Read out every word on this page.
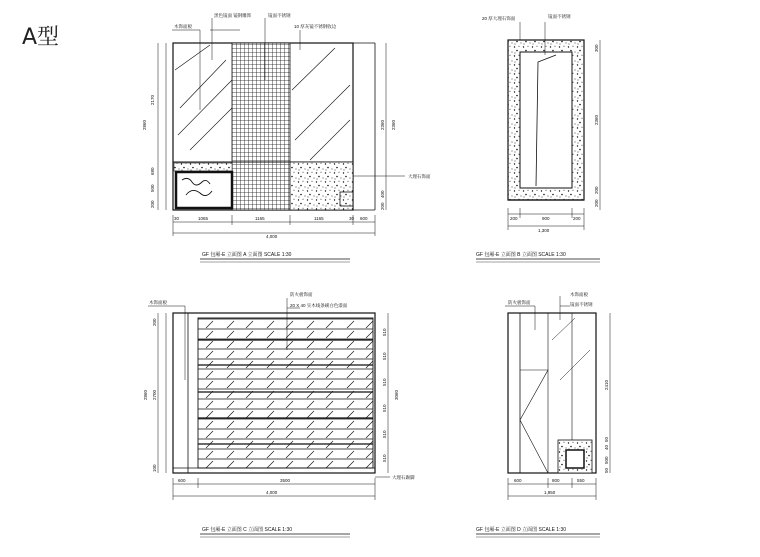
A型	木饰面板
黑色镜面 镜钢雕饰	镜面不锈钢
10 厚灰镜不锈钢收边
大理石饰面
30	1065	1165	1165	30 600
4,000
2170
680
500
200
2860	2360
400
200
2360
GF 包厢-E 立面图 A 立面图 SCALE 1:30
20 厚大理石饰面	镜面不锈钢
200	900	200
1,300
300
2360
200
200
GF 包厢-E 立面图 B 立面图 SCALE 1:30
木饰面板
防火板饰面
20 X 40 实木线条刷白色漆面
大理石踢脚
600	3500
4,000
200
2700
100
2860
510
510
510
510
510
510
3060
GF 包厢-E 立面图 C 立面图 SCALE 1:30
防火板饰面
木饰面板
镜面不锈钢
600	800	550
1,950
2410
50
40
500
50
GF 包厢-E 立面图 D 立面图 SCALE 1:30
